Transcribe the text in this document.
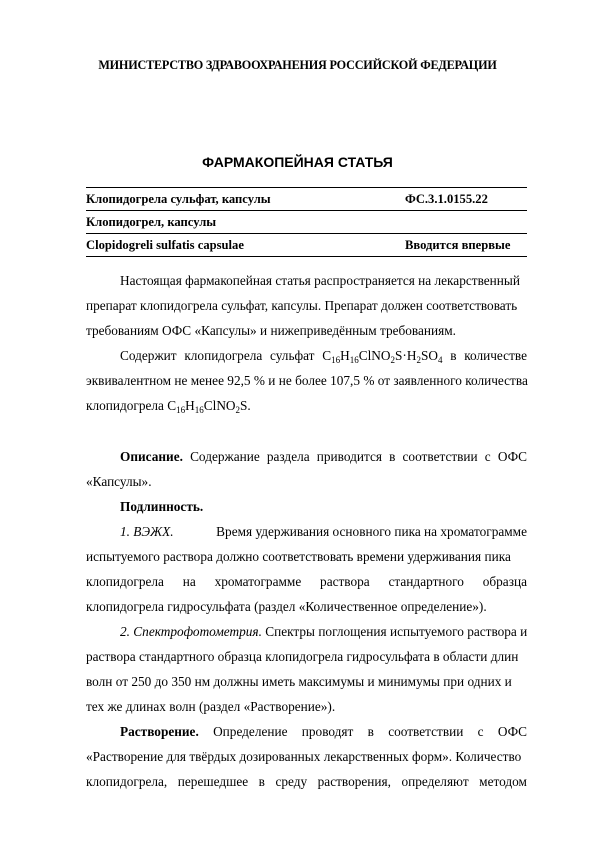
МИНИСТЕРСТВО ЗДРАВООХРАНЕНИЯ РОССИЙСКОЙ ФЕДЕРАЦИИ
ФАРМАКОПЕЙНАЯ СТАТЬЯ
Клопидогрела сульфат, капсулы	ФС.3.1.0155.22
Клопидогрел, капсулы
Clopidogreli sulfatis capsulae	Вводится впервые
Настоящая фармакопейная статья распространяется на лекарственный
препарат клопидогрела сульфат, капсулы. Препарат должен соответствовать
требованиям ОФС «Капсулы» и нижеприведённым требованиям.
Содержит клопидогрела сульфат $C_{16}H_{16}ClNO_2S\cdot H_2SO_4$ в количестве
эквивалентном не менее 92,5 % и не более 107,5 % от заявленного количества
клопидогрела $C_{16}H_{16}ClNO_2S$.
Описание. Содержание раздела приводится в соответствии с ОФС
«Капсулы».
Подлинность.
1. ВЭЖХ.	Время удерживания основного пика на хроматограмме
испытуемого раствора должно соответствовать времени удерживания пика
клопидогрела на хроматограмме раствора стандартного образца
клопидогрела гидросульфата (раздел «Количественное определение»).
2. Спектрофотометрия. Спектры поглощения испытуемого раствора и
раствора стандартного образца клопидогрела гидросульфата в области длин
волн от 250 до 350 нм должны иметь максимумы и минимумы при одних и
тех же длинах волн (раздел «Растворение»).
Растворение. Определение проводят в соответствии с ОФС
«Растворение для твёрдых дозированных лекарственных форм». Количество
клопидогрела, перешедшее в среду растворения, определяют методом
